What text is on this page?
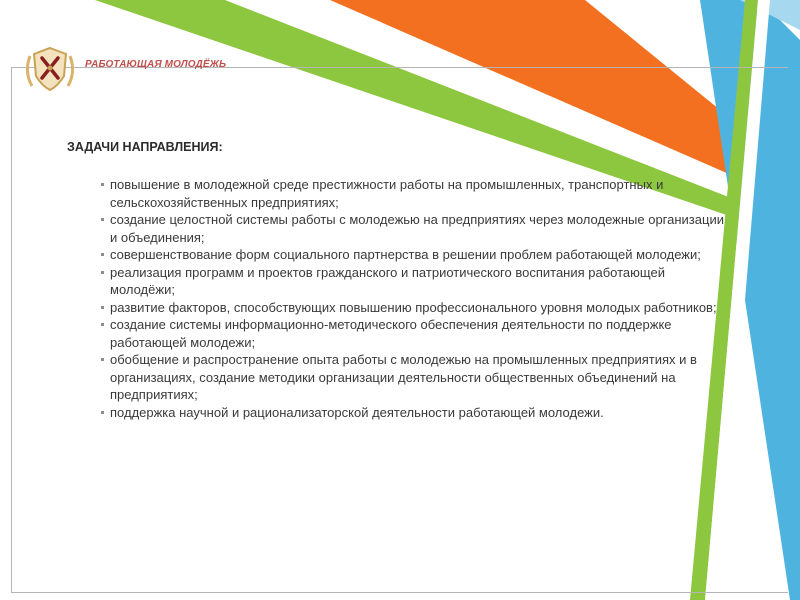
РАБОТАЮЩАЯ МОЛОДЁЖЬ
ЗАДАЧИ НАПРАВЛЕНИЯ:
повышение в молодежной среде престижности работы на промышленных, транспортных и сельскохозяйственных предприятиях;
создание целостной системы работы с молодежью на предприятиях через молодежные организации и объединения;
совершенствование форм социального партнерства в решении проблем работающей молодежи;
реализация программ и проектов гражданского и патриотического воспитания работающей молодёжи;
развитие факторов, способствующих повышению профессионального уровня молодых работников;
создание системы информационно-методического обеспечения деятельности по поддержке работающей молодежи;
обобщение и распространение опыта работы с молодежью на промышленных предприятиях и в организациях, создание методики организации деятельности общественных объединений на предприятиях;
поддержка научной и рационализаторской деятельности работающей молодежи.
